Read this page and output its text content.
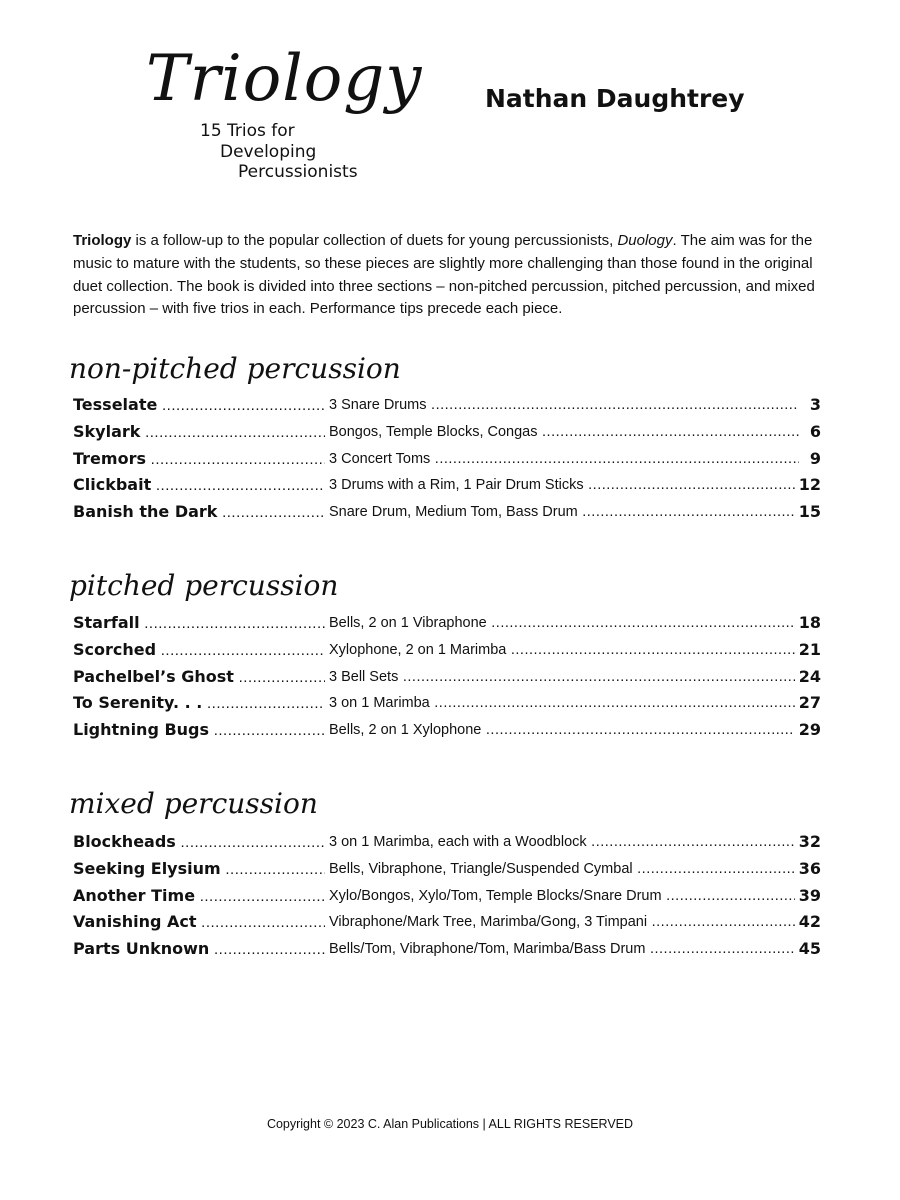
Triology
15 Trios for
Developing
Percussionists
Nathan Daughtrey

Triology is a follow-up to the popular collection of duets for young percussionists, Duology. The aim was for the music to mature with the students, so these pieces are slightly more challenging than those found in the original duet collection. The book is divided into three sections – non-pitched percussion, pitched percussion, and mixed percussion – with five trios in each. Performance tips precede each piece.

non-pitched percussion
Tesselate .....	3 Snare Drums .....	3
Skylark .....	Bongos, Temple Blocks, Congas .....	6
Tremors .....	3 Concert Toms .....	9
Clickbait .....	3 Drums with a Rim, 1 Pair Drum Sticks .....	12
Banish the Dark .....	Snare Drum, Medium Tom, Bass Drum .....	15
pitched percussion
Starfall .....	Bells, 2 on 1 Vibraphone .....	18
Scorched .....	Xylophone, 2 on 1 Marimba .....	21
Pachelbel’s Ghost .....	3 Bell Sets .....	24
To Serenity. . . .....	3 on 1 Marimba .....	27
Lightning Bugs .....	Bells, 2 on 1 Xylophone .....	29
mixed percussion
Blockheads .....	3 on 1 Marimba, each with a Woodblock .....	32
Seeking Elysium .....	Bells, Vibraphone, Triangle/Suspended Cymbal .....	36
Another Time .....	Xylo/Bongos, Xylo/Tom, Temple Blocks/Snare Drum .....	39
Vanishing Act .....	Vibraphone/Mark Tree, Marimba/Gong, 3 Timpani .....	42
Parts Unknown .....	Bells/Tom, Vibraphone/Tom, Marimba/Bass Drum .....	45
Copyright © 2023 C. Alan Publications | ALL RIGHTS RESERVED
